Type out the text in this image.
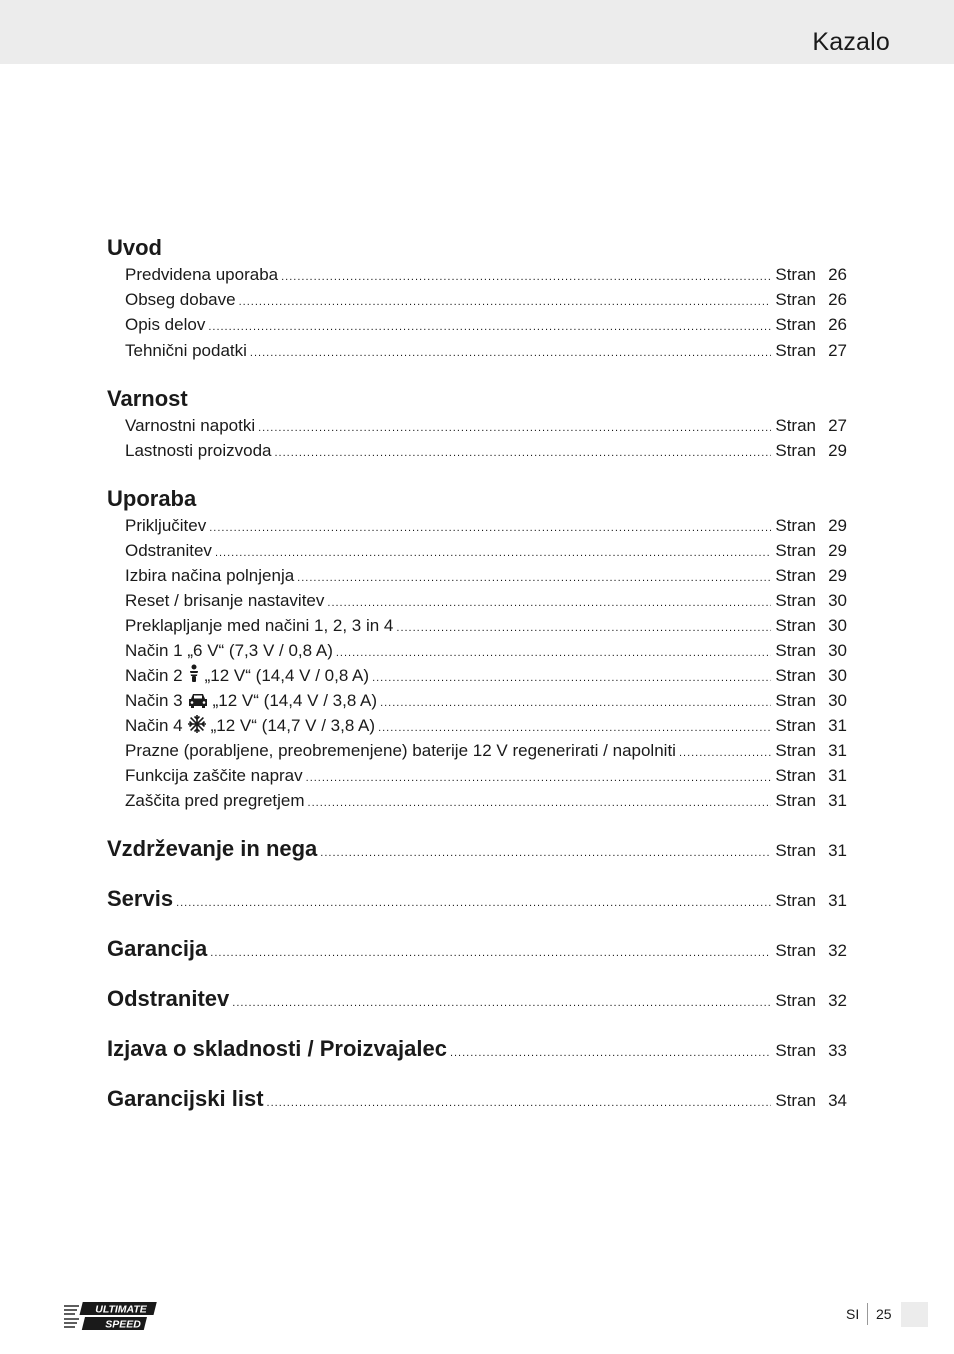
Kazalo
Uvod
Predvidena uporaba .....	Stran 26
Obseg dobave .....	Stran 26
Opis delov .....	Stran 26
Tehnični podatki .....	Stran 27
Varnost
Varnostni napotki .....	Stran 27
Lastnosti proizvoda .....	Stran 29
Uporaba
Priključitev .....	Stran 29
Odstranitev .....	Stran 29
Izbira načina polnjenja .....	Stran 29
Reset / brisanje nastavitev .....	Stran 30
Preklapljanje med načini 1, 2, 3 in 4 .....	Stran 30
Način 1 „6 V“ (7,3 V / 0,8 A) .....	Stran 30
Način 2 „12 V“ (14,4 V / 0,8 A) .....	Stran 30
Način 3 „12 V“ (14,4 V / 3,8 A) .....	Stran 30
Način 4 „12 V“ (14,7 V / 3,8 A) .....	Stran 31
Prazne (porabljene, preobremenjene) baterije 12 V regenerirati / napolniti .....	Stran 31
Funkcija zaščite naprav .....	Stran 31
Zaščita pred pregretjem .....	Stran 31
Vzdrževanje in nega .....	Stran 31
Servis .....	Stran 31
Garancija .....	Stran 32
Odstranitev .....	Stran 32
Izjava o skladnosti / Proizvajalec .....	Stran 33
Garancijski list .....	Stran 34
ULTIMATE
SPEED
SI 25
